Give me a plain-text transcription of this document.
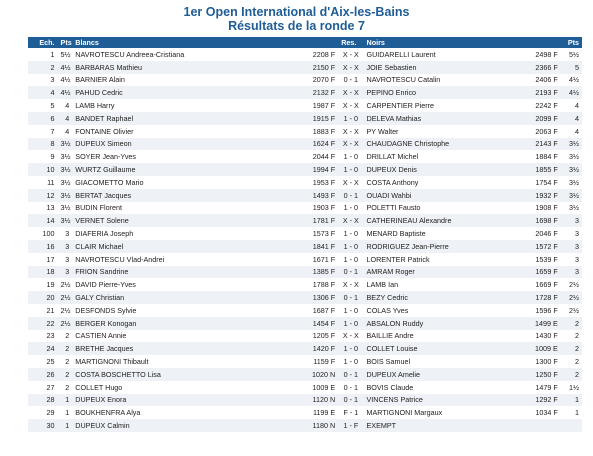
1er Open International d'Aix-les-Bains
Résultats de la ronde 7
Ech.	Pts	Blancs		Res.	Noirs		Pts
1	5½	NAVROTESCU Andreea-Cristiana	2208 F	X - X	GUIDARELLI Laurent	2498 F	5½
2	4½	BARBARAS Mathieu	2150 F	X - X	JOIE Sebastien	2366 F	5
3	4½	BARNIER Alain	2070 F	0 - 1	NAVROTESCU Catalin	2406 F	4½
4	4½	PAHUD Cedric	2132 F	X - X	PEPINO Enrico	2193 F	4½
5	4	LAMB Harry	1987 F	X - X	CARPENTIER Pierre	2242 F	4
6	4	BANDET Raphael	1915 F	1 - 0	DELEVA Mathias	2099 F	4
7	4	FONTAINE Olivier	1883 F	X - X	PY Walter	2063 F	4
8	3½	DUPEUX Simeon	1624 F	X - X	CHAUDAGNE Christophe	2143 F	3½
9	3½	SOYER Jean-Yves	2044 F	1 - 0	DRILLAT Michel	1884 F	3½
10	3½	WURTZ Guillaume	1994 F	1 - 0	DUPEUX Denis	1855 F	3½
11	3½	GIACOMETTO Mario	1953 F	X - X	COSTA Anthony	1754 F	3½
12	3½	BERTAT Jacques	1493 F	0 - 1	OUADI Wahbi	1932 F	3½
13	3½	BUDIN Florent	1903 F	1 - 0	POLETTI Fausto	1908 F	3½
14	3½	VERNET Solene	1781 F	X - X	CATHERINEAU Alexandre	1698 F	3
100	3	DIAFERIA Joseph	1573 F	1 - 0	MENARD Baptiste	2046 F	3
16	3	CLAIR Michael	1841 F	1 - 0	RODRIGUEZ Jean-Pierre	1572 F	3
17	3	NAVROTESCU Vlad-Andrei	1671 F	1 - 0	LORENTER Patrick	1539 F	3
18	3	FRION Sandrine	1385 F	0 - 1	AMRAM Roger	1659 F	3
19	2½	DAVID Pierre-Yves	1788 F	X - X	LAMB Ian	1669 F	2½
20	2½	GALY Christian	1306 F	0 - 1	BEZY Cedric	1728 F	2½
21	2½	DESFONDS Sylvie	1687 F	1 - 0	COLAS Yves	1596 F	2½
22	2½	BERGER Konogan	1454 F	1 - 0	ABSALON Ruddy	1499 E	2
23	2	CASTIEN Annie	1205 F	X - X	BAILLIE Andre	1430 F	2
24	2	BRETHE Jacques	1420 F	1 - 0	COLLET Louise	1009 E	2
25	2	MARTIGNONI Thibault	1159 F	1 - 0	BOIS Samuel	1300 F	2
26	2	COSTA BOSCHETTO Lisa	1020 N	0 - 1	DUPEUX Amelie	1250 F	2
27	2	COLLET Hugo	1009 E	0 - 1	BOVIS Claude	1479 F	1½
28	1	DUPEUX Enora	1120 N	0 - 1	VINCENS Patrice	1292 F	1
29	1	BOUKHENFRA Alya	1199 E	F - 1	MARTIGNONI Margaux	1034 F	1
30	1	DUPEUX Calmin	1180 N	1 - F	EXEMPT		
